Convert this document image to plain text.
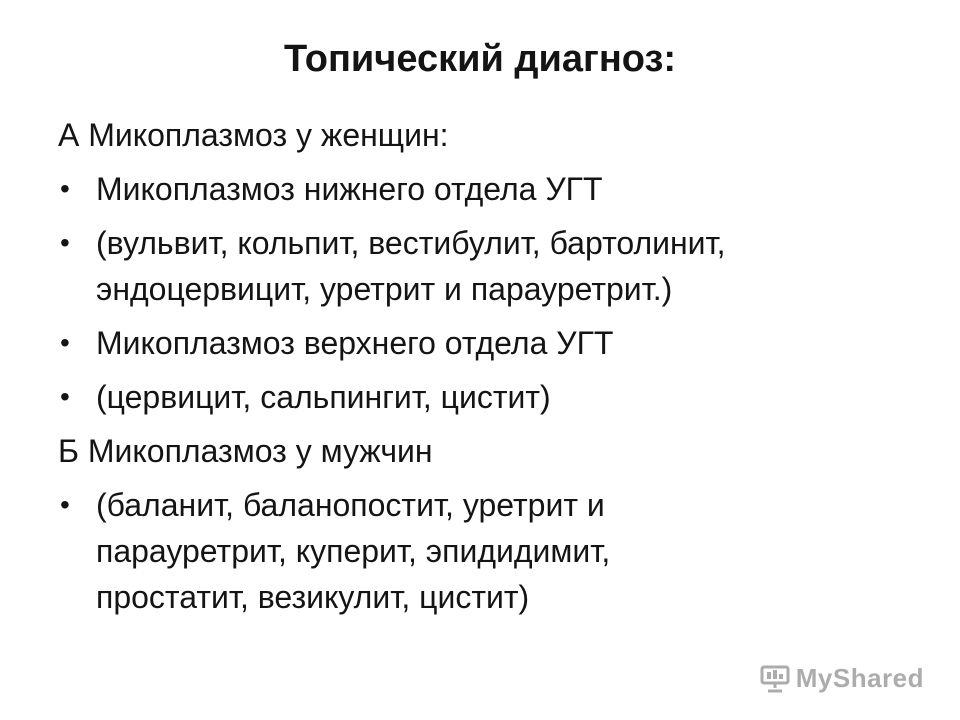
Топический диагноз:
А Микоплазмоз у женщин:
• Микоплазмоз нижнего отдела УГТ
• (вульвит, кольпит, вестибулит, бартолинит,
эндоцервицит, уретрит и парауретрит.)
• Микоплазмоз верхнего отдела УГТ
• (цервицит, сальпингит, цистит)
Б Микоплазмоз у мужчин
• (баланит, баланопостит, уретрит и
парауретрит, куперит, эпидидимит,
простатит, везикулит, цистит)
MyShared
